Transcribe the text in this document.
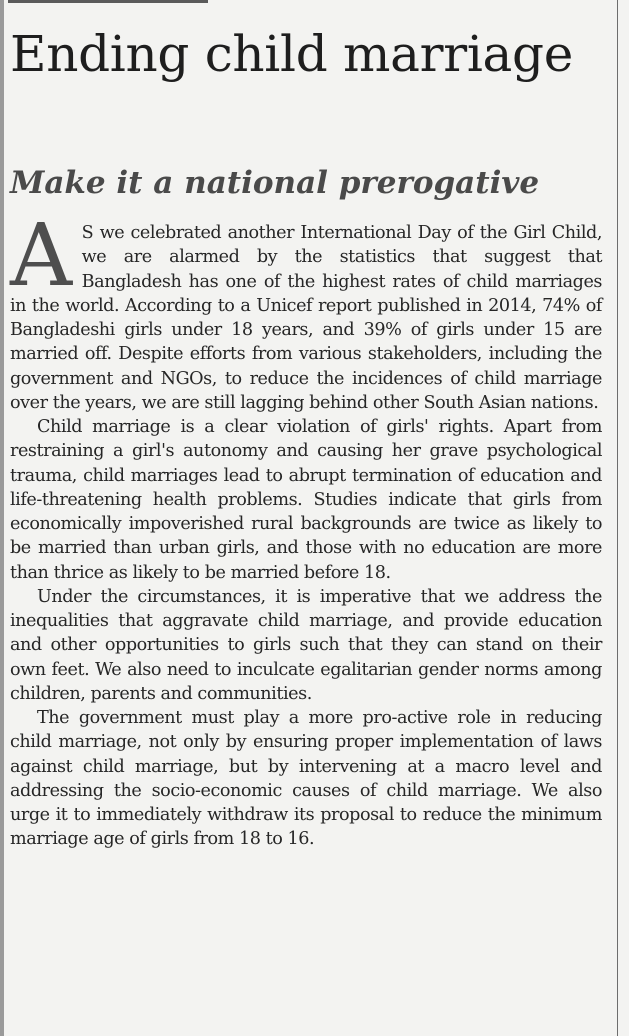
Ending child marriage
Make it a national prerogative

A S we celebrated another International Day of the Girl Child, we are alarmed by the statistics that suggest that Bangladesh has one of the highest rates of child marriages in the world. According to a Unicef report published in 2014, 74% of Bangladeshi girls under 18 years, and 39% of girls under 15 are married off. Despite efforts from various stakeholders, including the government and NGOs, to reduce the incidences of child marriage over the years, we are still lagging behind other South Asian nations.

Child marriage is a clear violation of girls' rights. Apart from restraining a girl's autonomy and causing her grave psychological trauma, child marriages lead to abrupt termination of education and life-threatening health problems. Studies indicate that girls from economically impoverished rural backgrounds are twice as likely to be married than urban girls, and those with no education are more than thrice as likely to be married before 18.

Under the circumstances, it is imperative that we address the inequalities that aggravate child marriage, and provide education and other opportunities to girls such that they can stand on their own feet. We also need to inculcate egalitarian gender norms among children, parents and communities.

The government must play a more pro-active role in reducing child marriage, not only by ensuring proper implementation of laws against child marriage, but by intervening at a macro level and addressing the socio-economic causes of child marriage. We also urge it to immediately withdraw its proposal to reduce the minimum marriage age of girls from 18 to 16.
